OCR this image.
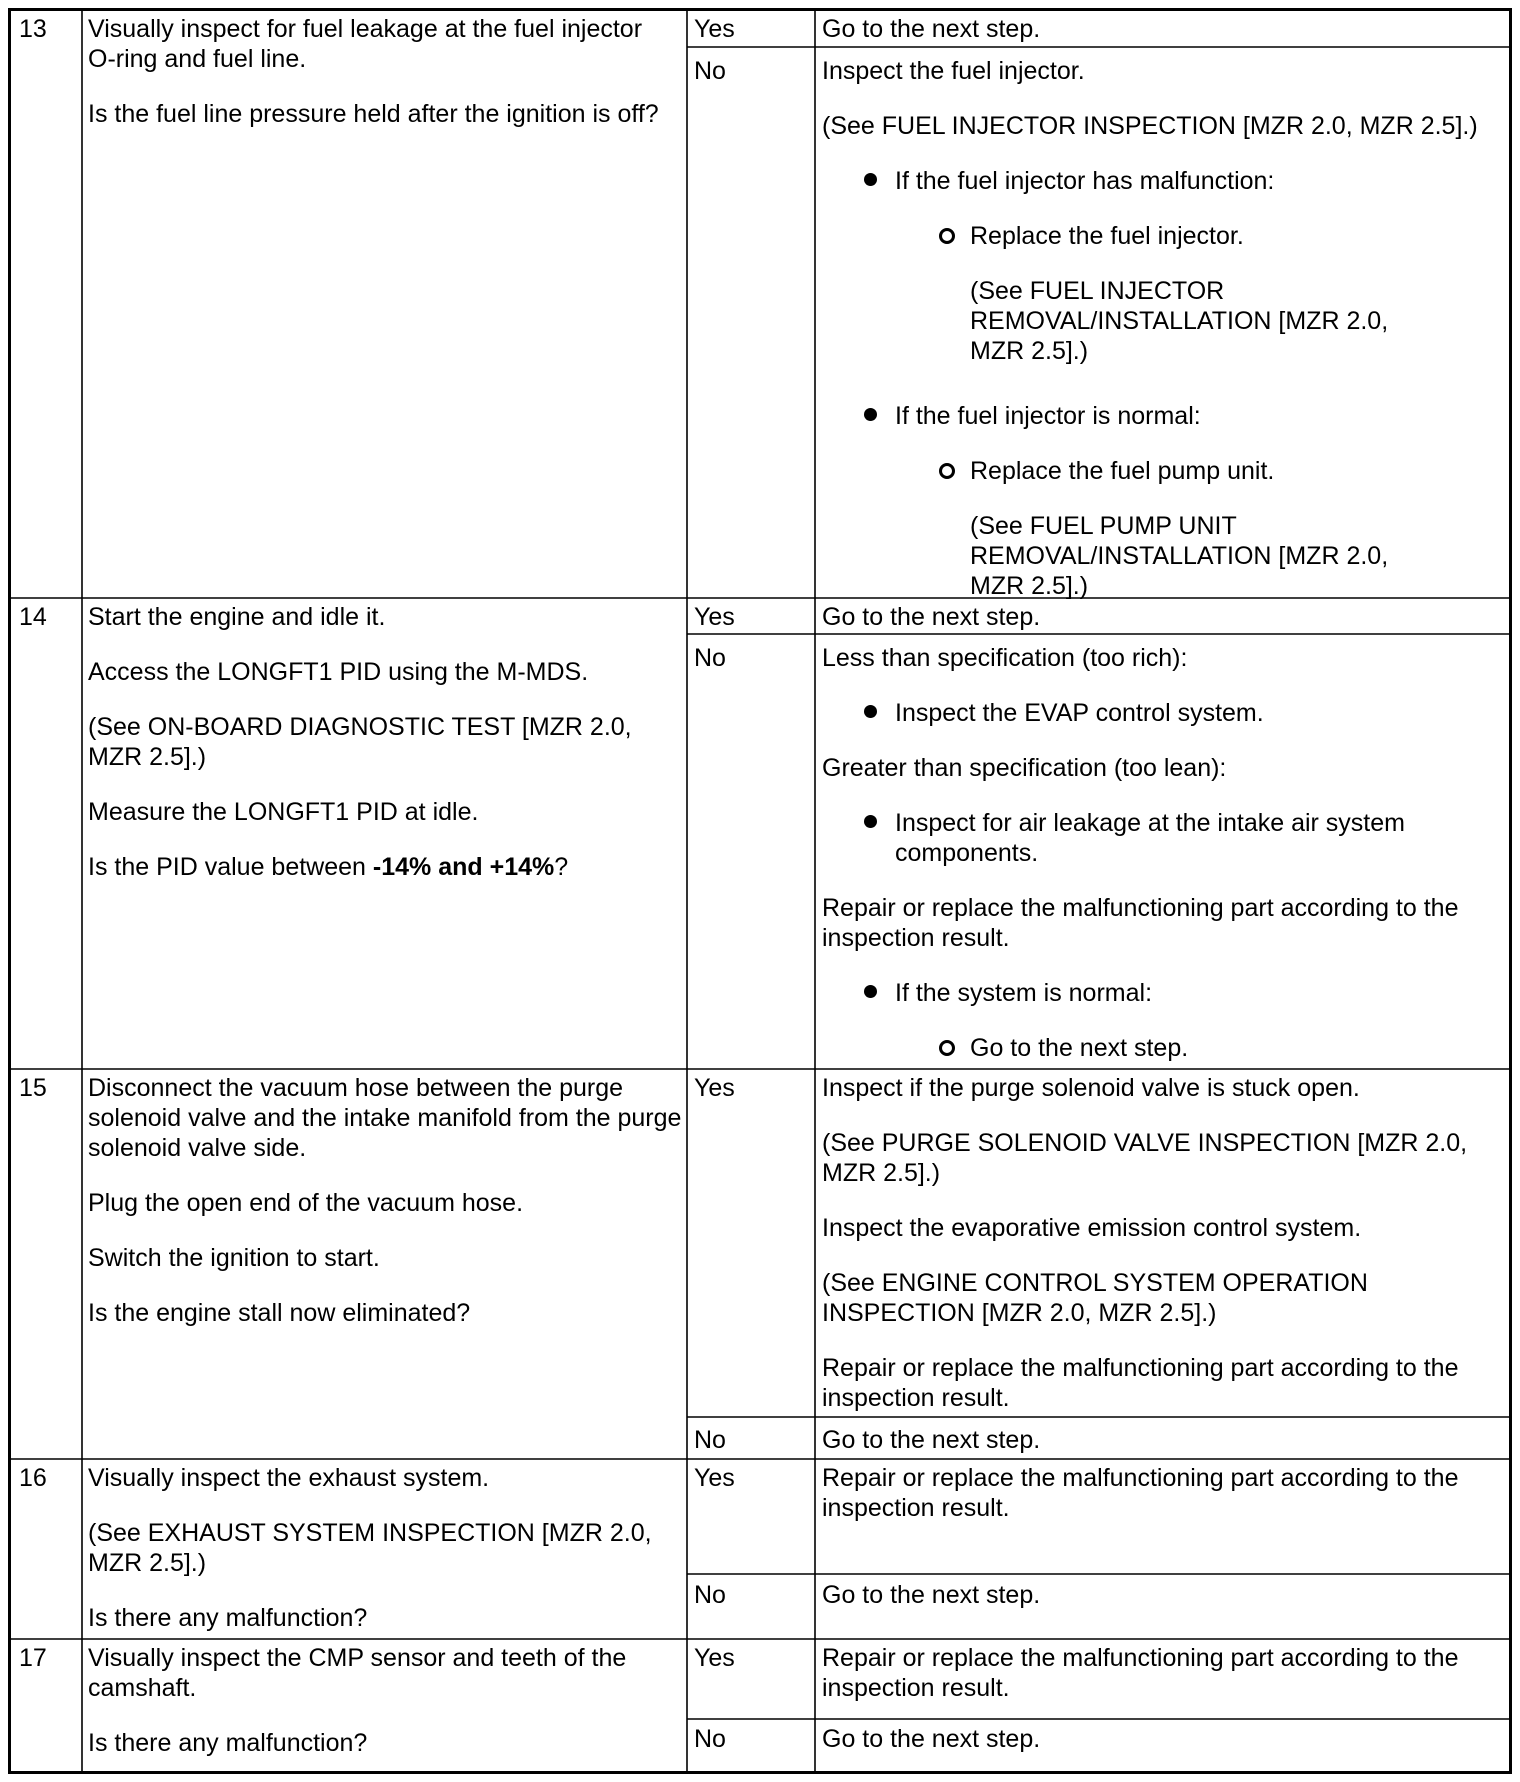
13 Visually inspect for fuel leakage at the fuel injector

O-ring and fuel line.

Is the fuel line pressure held after the ignition is off?

Yes	Go to the next step.

No	Inspect the fuel injector.

(See FUEL INJECTOR INSPECTION [MZR 2.0, MZR 2.5].)

If the fuel injector has malfunction:

Replace the fuel injector.

(See FUEL INJECTOR

REMOVAL/INSTALLATION [MZR 2.0,

MZR 2.5].)

If the fuel injector is normal:

Replace the fuel pump unit.

(See FUEL PUMP UNIT

REMOVAL/INSTALLATION [MZR 2.0,

MZR 2.5].)

14 Start the engine and idle it.

Access the LONGFT1 PID using the M-MDS.

(See ON-BOARD DIAGNOSTIC TEST [MZR 2.0,

MZR 2.5].)

Measure the LONGFT1 PID at idle.

Is the PID value between -14% and +14%?

Yes	Go to the next step.

No	Less than specification (too rich):

Inspect the EVAP control system.

Greater than specification (too lean):

Inspect for air leakage at the intake air system

components.

Repair or replace the malfunctioning part according to the

inspection result.

If the system is normal:

Go to the next step.

15 Disconnect the vacuum hose between the purge

solenoid valve and the intake manifold from the purge

solenoid valve side.

Plug the open end of the vacuum hose.

Switch the ignition to start.

Is the engine stall now eliminated?

Yes	Inspect if the purge solenoid valve is stuck open.

(See PURGE SOLENOID VALVE INSPECTION [MZR 2.0,

MZR 2.5].)

Inspect the evaporative emission control system.

(See ENGINE CONTROL SYSTEM OPERATION

INSPECTION [MZR 2.0, MZR 2.5].)

Repair or replace the malfunctioning part according to the

inspection result.

No	Go to the next step.

16 Visually inspect the exhaust system.

(See EXHAUST SYSTEM INSPECTION [MZR 2.0,

MZR 2.5].)

Is there any malfunction?

Yes	Repair or replace the malfunctioning part according to the

inspection result.

No	Go to the next step.

17 Visually inspect the CMP sensor and teeth of the

camshaft.

Is there any malfunction?

Yes	Repair or replace the malfunctioning part according to the

inspection result.

No	Go to the next step.
